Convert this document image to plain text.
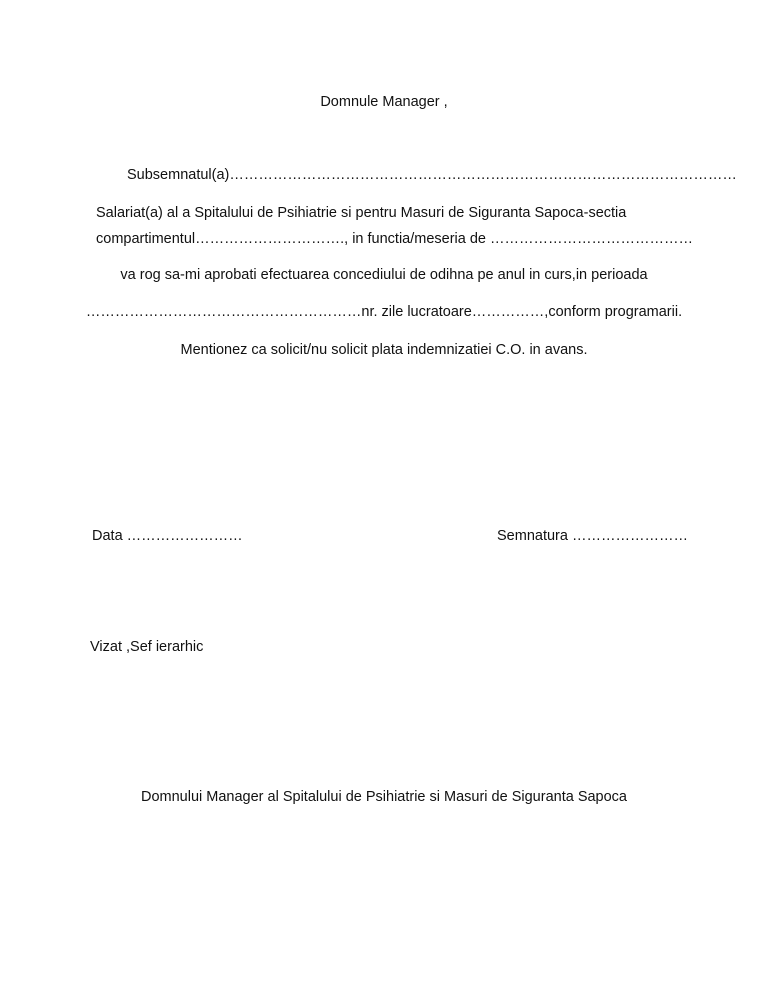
Domnule Manager ,
Subsemnatul(a)……………………………………………………………………………………………
Salariat(a) al a Spitalului de Psihiatrie si pentru Masuri de Siguranta Sapoca-sectia
compartimentul…………………………., in functia/meseria de ……………………………………
va rog sa-mi aprobati efectuarea concediului de odihna pe anul in curs,in perioada
…………………………………………………nr. zile lucratoare……………,conform programarii.
Mentionez ca solicit/nu solicit plata indemnizatiei C.O. in avans.
Data ……………………	Semnatura ……………………
Vizat ,Sef ierarhic
Domnului Manager al Spitalului de Psihiatrie si Masuri de Siguranta Sapoca
